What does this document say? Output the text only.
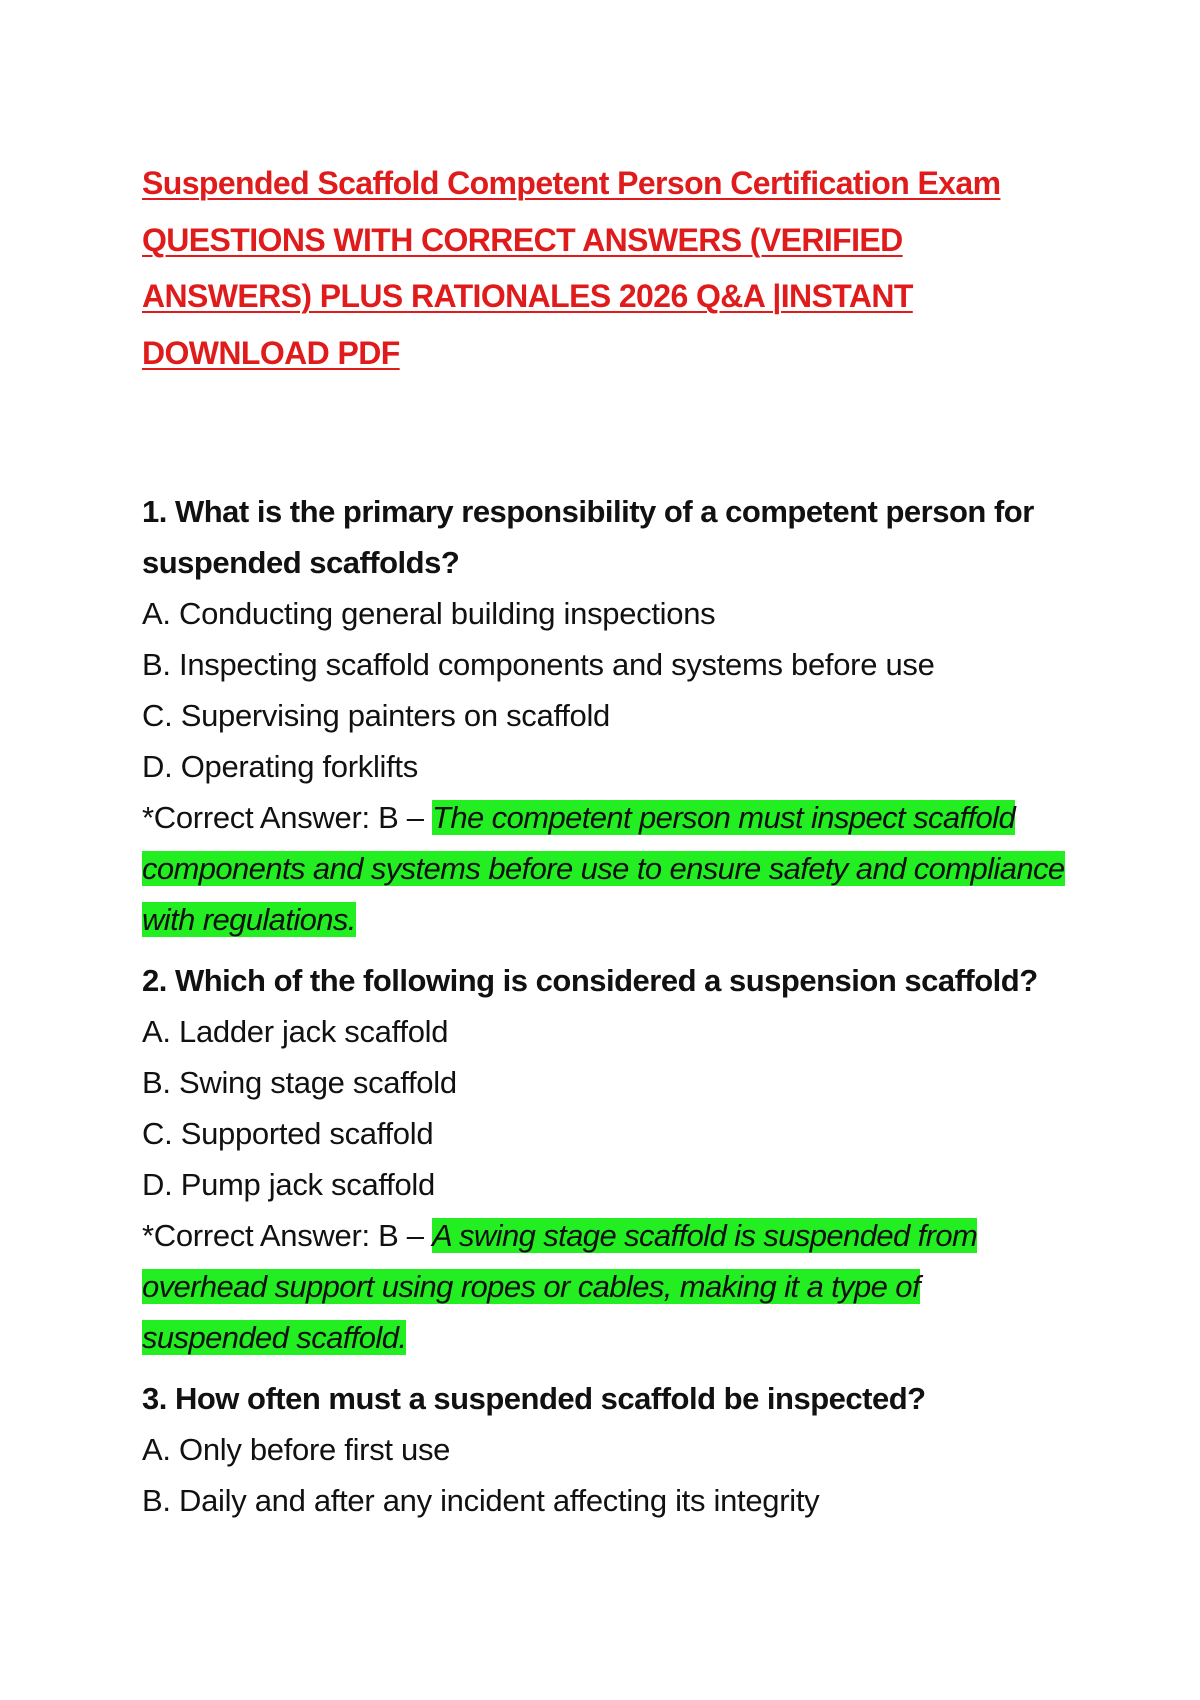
Suspended Scaffold Competent Person Certification Exam QUESTIONS WITH CORRECT ANSWERS (VERIFIED ANSWERS) PLUS RATIONALES 2026 Q&A |INSTANT DOWNLOAD PDF

1. What is the primary responsibility of a competent person for suspended scaffolds?

A. Conducting general building inspections
B. Inspecting scaffold components and systems before use
C. Supervising painters on scaffold
D. Operating forklifts
*Correct Answer: B – The competent person must inspect scaffold components and systems before use to ensure safety and compliance with regulations.

2. Which of the following is considered a suspension scaffold?

A. Ladder jack scaffold
B. Swing stage scaffold
C. Supported scaffold
D. Pump jack scaffold
*Correct Answer: B – A swing stage scaffold is suspended from overhead support using ropes or cables, making it a type of suspended scaffold.

3. How often must a suspended scaffold be inspected?

A. Only before first use
B. Daily and after any incident affecting its integrity
